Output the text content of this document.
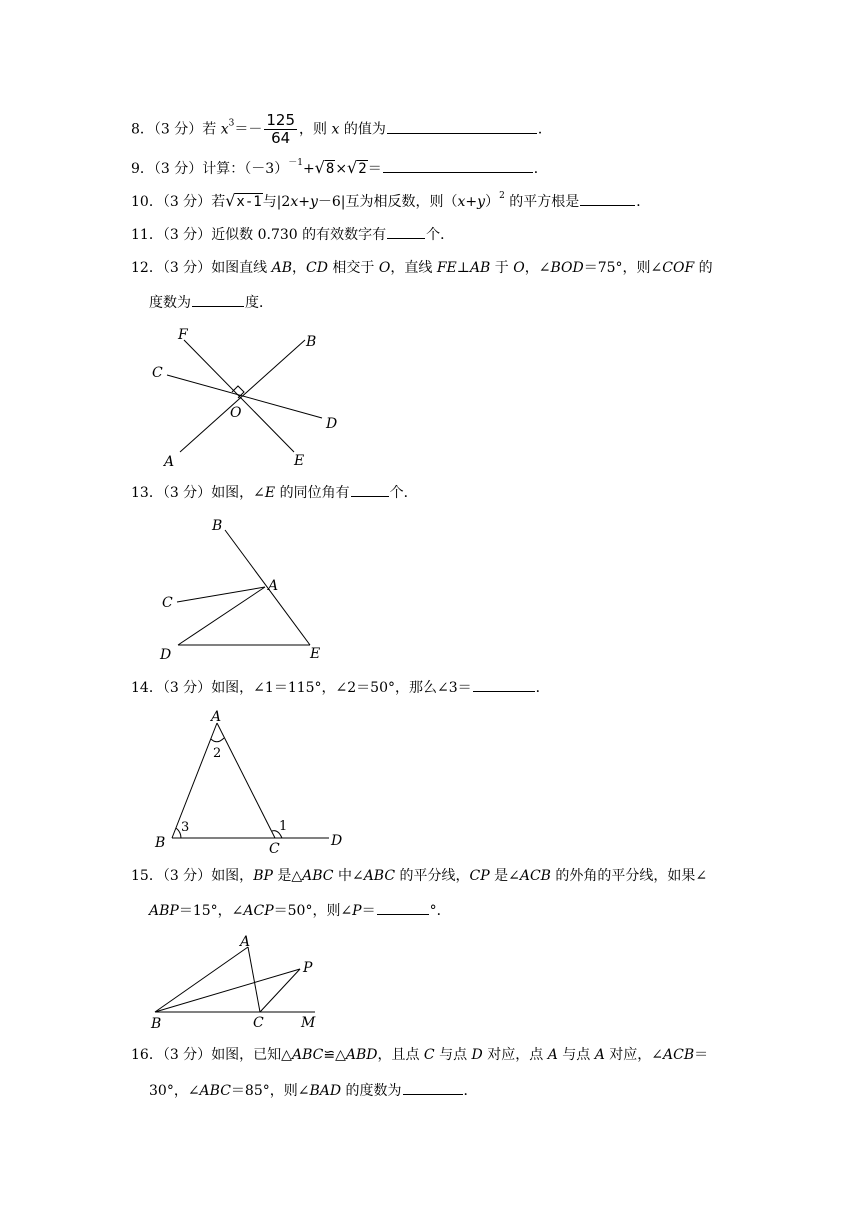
8．（3 分）若 $x^3=- \frac{125}{64}$ ，则 x 的值为	．
9．（3 分）计算：$(-3)^{-1}+√8\times√2=$	．
10．（3 分）若√x-1与|2x+y－6|互为相反数，则$(x+y)^2$ 的平方根是	．
11．（3 分）近似数 0.730 的有效数字有	个．
12．（3 分）如图直线 AB，CD 相交于 O，直线 FE⊥AB 于 O，∠BOD＝75°，则∠COF 的
度数为	度．
F	B
C
O
D
A	E
13．（3 分）如图，∠E 的同位角有	个．
B
C
A
D	E
14．（3 分）如图，∠1＝115°，∠2＝50°，那么∠3＝	．
A
2
B
3
C
1
D
15．（3 分）如图，BP 是△ABC 中∠ABC 的平分线，CP 是∠ACB 的外角的平分线，如果∠
ABP＝15°，∠ACP＝50°，则∠P＝	°．
A
P
B	C	M
16．（3 分）如图，已知△ABC≌△ABD，且点 C 与点 D 对应，点 A 与点 A 对应，∠ACB＝
30°，∠ABC＝85°，则∠BAD 的度数为	．
